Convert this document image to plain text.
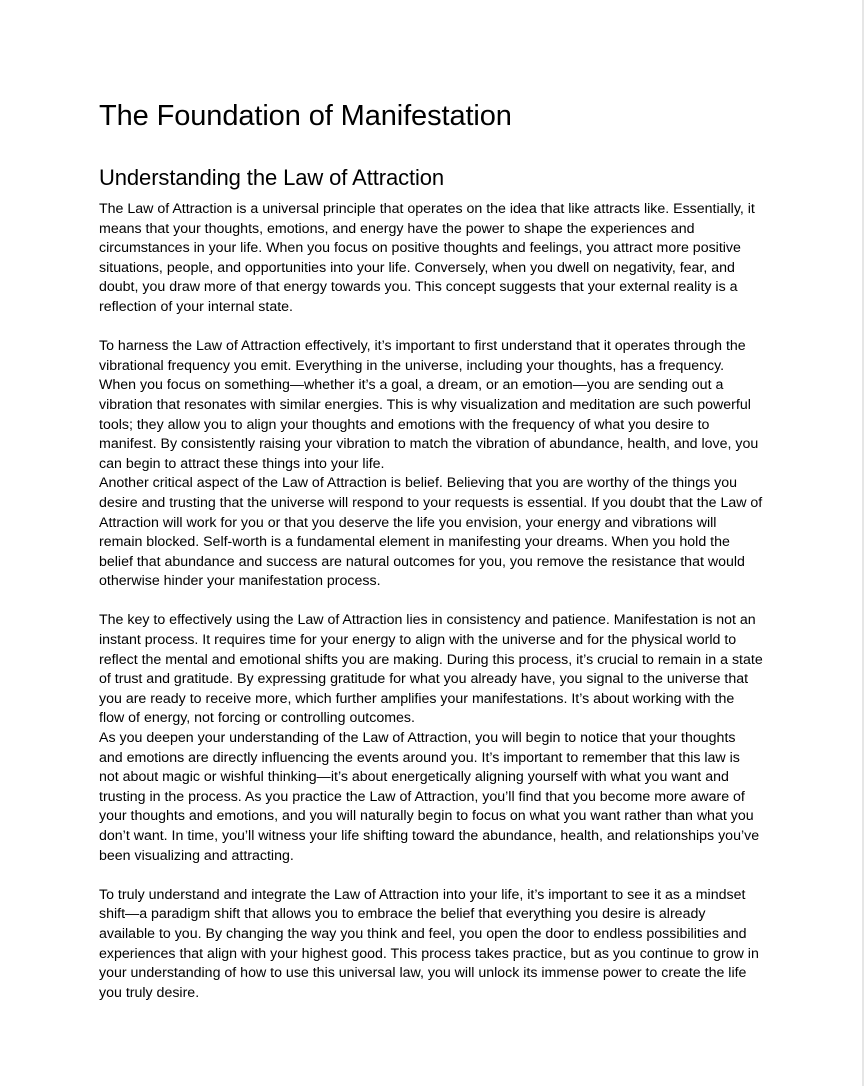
The Foundation of Manifestation
Understanding the Law of Attraction

The Law of Attraction is a universal principle that operates on the idea that like attracts like. Essentially, it means that your thoughts, emotions, and energy have the power to shape the experiences and circumstances in your life. When you focus on positive thoughts and feelings, you attract more positive situations, people, and opportunities into your life. Conversely, when you dwell on negativity, fear, and doubt, you draw more of that energy towards you. This concept suggests that your external reality is a reflection of your internal state.

To harness the Law of Attraction effectively, it’s important to first understand that it operates through the vibrational frequency you emit. Everything in the universe, including your thoughts, has a frequency. When you focus on something—whether it’s a goal, a dream, or an emotion—you are sending out a vibration that resonates with similar energies. This is why visualization and meditation are such powerful tools; they allow you to align your thoughts and emotions with the frequency of what you desire to manifest. By consistently raising your vibration to match the vibration of abundance, health, and love, you can begin to attract these things into your life.

Another critical aspect of the Law of Attraction is belief. Believing that you are worthy of the things you desire and trusting that the universe will respond to your requests is essential. If you doubt that the Law of Attraction will work for you or that you deserve the life you envision, your energy and vibrations will remain blocked. Self-worth is a fundamental element in manifesting your dreams. When you hold the belief that abundance and success are natural outcomes for you, you remove the resistance that would otherwise hinder your manifestation process.

The key to effectively using the Law of Attraction lies in consistency and patience. Manifestation is not an instant process. It requires time for your energy to align with the universe and for the physical world to reflect the mental and emotional shifts you are making. During this process, it’s crucial to remain in a state of trust and gratitude. By expressing gratitude for what you already have, you signal to the universe that you are ready to receive more, which further amplifies your manifestations. It’s about working with the flow of energy, not forcing or controlling outcomes.

As you deepen your understanding of the Law of Attraction, you will begin to notice that your thoughts and emotions are directly influencing the events around you. It’s important to remember that this law is not about magic or wishful thinking—it’s about energetically aligning yourself with what you want and trusting in the process. As you practice the Law of Attraction, you’ll find that you become more aware of your thoughts and emotions, and you will naturally begin to focus on what you want rather than what you don’t want. In time, you’ll witness your life shifting toward the abundance, health, and relationships you’ve been visualizing and attracting.

To truly understand and integrate the Law of Attraction into your life, it’s important to see it as a mindset shift—a paradigm shift that allows you to embrace the belief that everything you desire is already available to you. By changing the way you think and feel, you open the door to endless possibilities and experiences that align with your highest good. This process takes practice, but as you continue to grow in your understanding of how to use this universal law, you will unlock its immense power to create the life you truly desire.
